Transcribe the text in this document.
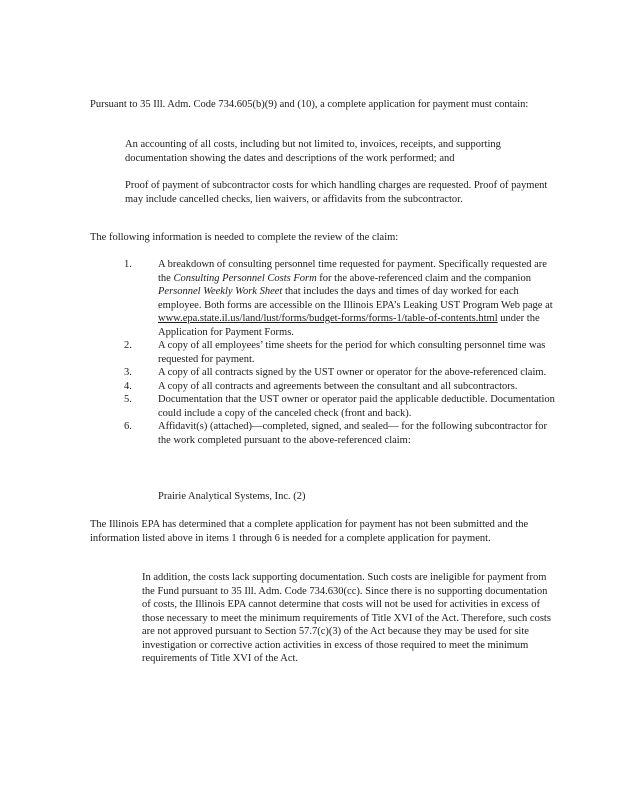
Pursuant to 35 Ill. Adm. Code 734.605(b)(9) and (10), a complete application for payment must contain:

An accounting of all costs, including but not limited to, invoices, receipts, and supporting documentation showing the dates and descriptions of the work performed; and

Proof of payment of subcontractor costs for which handling charges are requested. Proof of payment may include cancelled checks, lien waivers, or affidavits from the subcontractor.

The following information is needed to complete the review of the claim:

1. A breakdown of consulting personnel time requested for payment. Specifically requested are the Consulting Personnel Costs Form for the above-referenced claim and the companion Personnel Weekly Work Sheet that includes the days and times of day worked for each employee. Both forms are accessible on the Illinois EPA’s Leaking UST Program Web page at www.epa.state.il.us/land/lust/forms/budget-forms/forms-1/table-of-contents.html under the Application for Payment Forms.
2. A copy of all employees’ time sheets for the period for which consulting personnel time was requested for payment.
3. A copy of all contracts signed by the UST owner or operator for the above-referenced claim.
4. A copy of all contracts and agreements between the consultant and all subcontractors.
5. Documentation that the UST owner or operator paid the applicable deductible. Documentation could include a copy of the canceled check (front and back).
6. Affidavit(s) (attached)—completed, signed, and sealed— for the following subcontractor for the work completed pursuant to the above-referenced claim:

Prairie Analytical Systems, Inc. (2)

The Illinois EPA has determined that a complete application for payment has not been submitted and the information listed above in items 1 through 6 is needed for a complete application for payment.

In addition, the costs lack supporting documentation. Such costs are ineligible for payment from the Fund pursuant to 35 Ill. Adm. Code 734.630(cc). Since there is no supporting documentation of costs, the Illinois EPA cannot determine that costs will not be used for activities in excess of those necessary to meet the minimum requirements of Title XVI of the Act. Therefore, such costs are not approved pursuant to Section 57.7(c)(3) of the Act because they may be used for site investigation or corrective action activities in excess of those required to meet the minimum requirements of Title XVI of the Act.
